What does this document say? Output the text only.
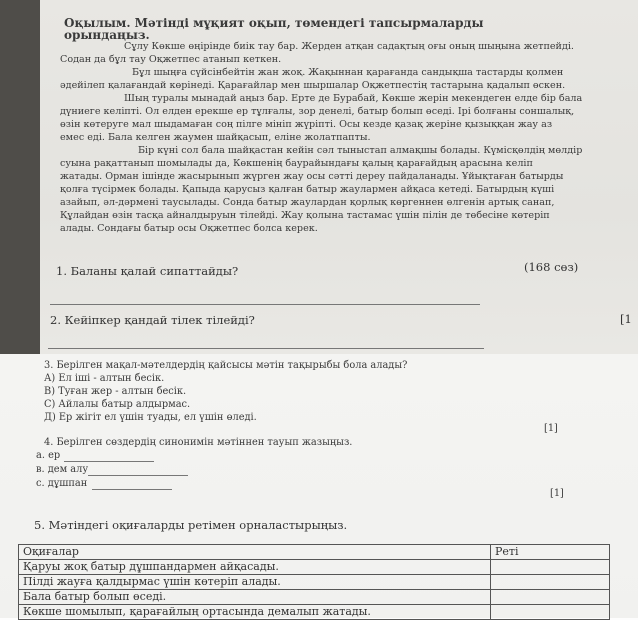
Оқылым. Мәтінді мұқият оқып, төмендегі тапсырмаларды
орындаңыз.
Сұлу Көкше өңірінде биік тау бар. Жерден атқан садақтың оғы оның шыңына жетпейді.
Содан да бұл тау Оқжетпес атанып кеткен.
Бұл шыңға сүйсінбейтін жан жоқ. Жақыннан қарағанда сандықша тастарды қолмен
әдейілеп қалағандай көрінеді. Қарағайлар мен шыршалар Оқжетпестің тастарына қадалып өскен.
Шың туралы мынадай аңыз бар. Ерте де Бурабай, Көкше жерін мекендеген елде бір бала
дүниеге келіпті. Ол елден ерекше ер тұлғалы, зор денелі, батыр болып өседі. Ірі болғаны соншалық,
өзін көтеруге мал шыдамаған соң пілге мініп жүріпті. Осы кезде қазақ жеріне қызыққан жау аз
емес еді. Бала келген жаумен шайқасып, еліне жолатпапты.
Бір күні сол бала шайқастан кейін сәл тыныстап алмақшы болады. Күмісқөлдің мөлдір
суына рақаттанып шомылады да, Көкшенің баурайындағы қалың қарағайдың арасына келіп
жатады. Орман ішінде жасырынып жүрген жау осы сәтті дереу пайдаланады. Ұйықтаған батырды
қолға түсірмек болады. Қапыда қарусыз қалған батыр жаулармен айқаса кетеді. Батырдың күші
азайып, әл-дәрмені таусылады. Сонда батыр жаулардан қорлық көргеннен өлгенін артық санап,
Құлайдан өзін тасқа айналдыруын тілейді. Жау қолына тастамас үшін пілін де төбесіне көтеріп
алады. Сондағы батыр осы Оқжетпес болса керек.
1. Баланы қалай сипаттайды?	(168 сөз)
2. Кейіпкер қандай тілек тілейді?	[1
3. Берілген мақал-мәтелдердің қайсысы мәтін тақырыбы бола алады?
А) Ел іші - алтын бесік.
В) Туған жер - алтын бесік.
С) Айлалы батыр алдырмас.
Д) Ер жігіт ел үшін туады, ел үшін өледі.
[1]
4. Берілген сөздердің синонимін мәтіннен тауып жазыңыз.
а. ер
в. дем алу
с. дұшпан
[1]
5. Мәтіндегі оқиғаларды ретімен орналастырыңыз.
Оқиғалар	Реті
Қаруы жоқ батыр дұшпандармен айқасады.	
Пілді жауға қалдырмас үшін көтеріп алады.	
Бала батыр болып өседі.	
Көкше шомылып, қарағайлың ортасында демалып жатады.	
